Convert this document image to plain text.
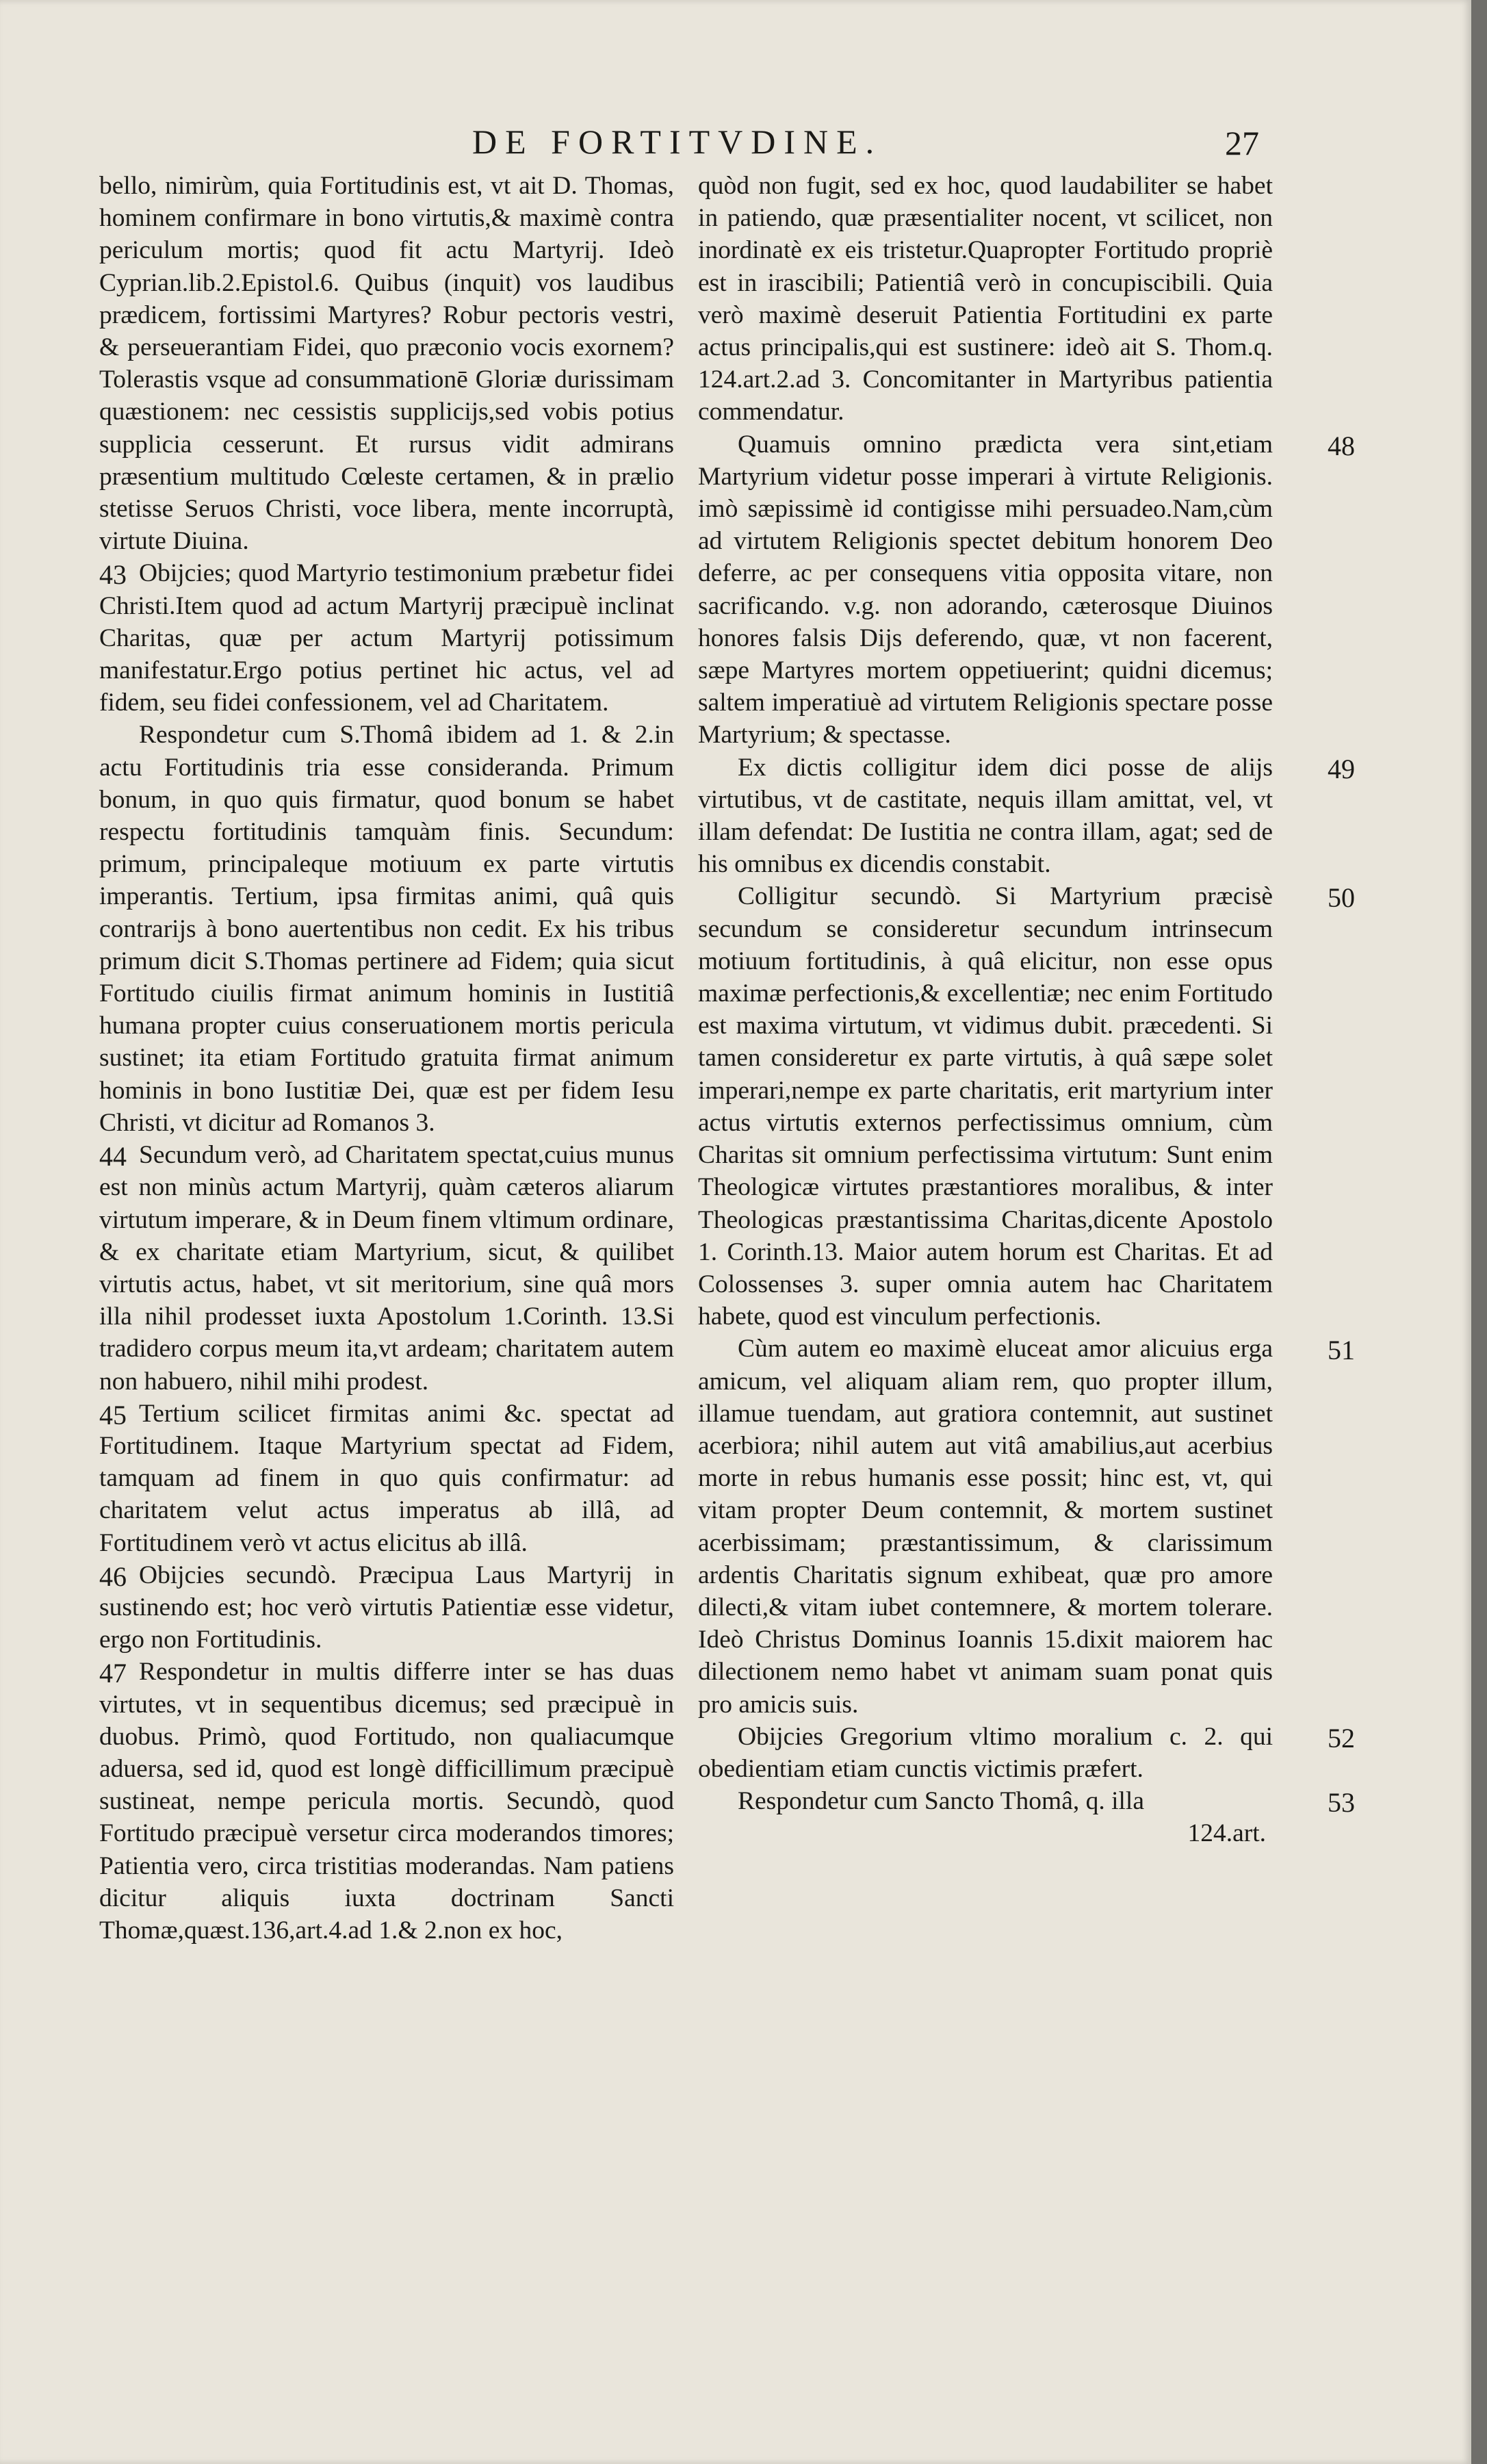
DE FORTITVDINE.	27

bello, nimirùm, quia Fortitudinis est, vt ait D. Thomas, hominem confirmare in bono virtutis,& maximè contra periculum mortis; quod fit actu Martyrij. Ideò Cyprian.lib.2.Epistol.6. Quibus (inquit) vos laudibus prædicem, fortissimi Martyres? Robur pectoris vestri, & perseuerantiam Fidei, quo præconio vocis exornem? Tolerastis vsque ad consummationē Gloriæ durissimam quæstionem: nec cessistis supplicijs,sed vobis potius supplicia cesserunt. Et rursus vidit admirans præsentium multitudo Cœleste certamen, & in prælio stetisse Seruos Christi, voce libera, mente incorruptà, virtute Diuina.

43 Obijcies; quod Martyrio testimonium præbetur fidei Christi.Item quod ad actum Martyrij præcipuè inclinat Charitas, quæ per actum Martyrij potissimum manifestatur.Ergo potius pertinet hic actus, vel ad fidem, seu fidei confessionem, vel ad Charitatem.

Respondetur cum S.Thomâ ibidem ad 1. & 2.in actu Fortitudinis tria esse consideranda. Primum bonum, in quo quis firmatur, quod bonum se habet respectu fortitudinis tamquàm finis. Secundum: primum, principaleque motiuum ex parte virtutis imperantis. Tertium, ipsa firmitas animi, quâ quis contrarijs à bono auertentibus non cedit. Ex his tribus primum dicit S.Thomas pertinere ad Fidem; quia sicut Fortitudo ciuilis firmat animum hominis in Iustitiâ humana propter cuius conseruationem mortis pericula sustinet; ita etiam Fortitudo gratuita firmat animum hominis in bono Iustitiæ Dei, quæ est per fidem Iesu Christi, vt dicitur ad Romanos 3.

44 Secundum verò, ad Charitatem spectat,cuius munus est non minùs actum Martyrij, quàm cæteros aliarum virtutum imperare, & in Deum finem vltimum ordinare, & ex charitate etiam Martyrium, sicut, & quilibet virtutis actus, habet, vt sit meritorium, sine quâ mors illa nihil prodesset iuxta Apostolum 1.Corinth. 13.Si tradidero corpus meum ita,vt ardeam; charitatem autem non habuero, nihil mihi prodest.

45 Tertium scilicet firmitas animi &c. spectat ad Fortitudinem. Itaque Martyrium spectat ad Fidem, tamquam ad finem in quo quis confirmatur: ad charitatem velut actus imperatus ab illâ, ad Fortitudinem verò vt actus elicitus ab illâ.

46 Obijcies secundò. Præcipua Laus Martyrij in sustinendo est; hoc verò virtutis Patientiæ esse videtur, ergo non Fortitudinis.

47 Respondetur in multis differre inter se has duas virtutes, vt in sequentibus dicemus; sed præcipuè in duobus. Primò, quod Fortitudo, non qualiacumque aduersa, sed id, quod est longè difficillimum præcipuè sustineat, nempe pericula mortis. Secundò, quod Fortitudo præcipuè versetur circa moderandos timores; Patientia vero, circa tristitias moderandas. Nam patiens dicitur aliquis iuxta doctrinam Sancti Thomæ,quæst.136,art.4.ad 1.& 2.non ex hoc,

quòd non fugit, sed ex hoc, quod laudabiliter se habet in patiendo, quæ præsentialiter nocent, vt scilicet, non inordinatè ex eis tristetur.Quapropter Fortitudo propriè est in irascibili; Patientiâ verò in concupiscibili. Quia verò maximè deseruit Patientia Fortitudini ex parte actus principalis,qui est sustinere: ideò ait S. Thom.q. 124.art.2.ad 3. Concomitanter in Martyribus patientia commendatur.

48
Quamuis omnino prædicta vera sint,etiam Martyrium videtur posse imperari à virtute Religionis. imò sæpissimè id contigisse mihi persuadeo.Nam,cùm ad virtutem Religionis spectet debitum honorem Deo deferre, ac per consequens vitia opposita vitare, non sacrificando. v.g. non adorando, cæterosque Diuinos honores falsis Dijs deferendo, quæ, vt non facerent, sæpe Martyres mortem oppetiuerint; quidni dicemus; saltem imperatiuè ad virtutem Religionis spectare posse Martyrium; & spectasse.

49
Ex dictis colligitur idem dici posse de alijs virtutibus, vt de castitate, nequis illam amittat, vel, vt illam defendat: De Iustitia ne contra illam, agat; sed de his omnibus ex dicendis constabit.

50
Colligitur secundò. Si Martyrium præcisè secundum se consideretur secundum intrinsecum motiuum fortitudinis, à quâ elicitur, non esse opus maximæ perfectionis,& excellentiæ; nec enim Fortitudo est maxima virtutum, vt vidimus dubit. præcedenti. Si tamen consideretur ex parte virtutis, à quâ sæpe solet imperari,nempe ex parte charitatis, erit martyrium inter actus virtutis externos perfectissimus omnium, cùm Charitas sit omnium perfectissima virtutum: Sunt enim Theologicæ virtutes præstantiores moralibus, & inter Theologicas præstantissima Charitas,dicente Apostolo 1. Corinth.13. Maior autem horum est Charitas. Et ad Colossenses 3. super omnia autem hac Charitatem habete, quod est vinculum perfectionis.

51
Cùm autem eo maximè eluceat amor alicuius erga amicum, vel aliquam aliam rem, quo propter illum, illamue tuendam, aut gratiora contemnit, aut sustinet acerbiora; nihil autem aut vitâ amabilius,aut acerbius morte in rebus humanis esse possit; hinc est, vt, qui vitam propter Deum contemnit, & mortem sustinet acerbissimam; præstantissimum, & clarissimum ardentis Charitatis signum exhibeat, quæ pro amore dilecti,& vitam iubet contemnere, & mortem tolerare. Ideò Christus Dominus Ioannis 15.dixit maiorem hac dilectionem nemo habet vt animam suam ponat quis pro amicis suis.

52
Obijcies Gregorium vltimo moralium c. 2. qui obedientiam etiam cunctis victimis præfert.

53
Respondetur cum Sancto Thomâ, q. illa

124.art.
